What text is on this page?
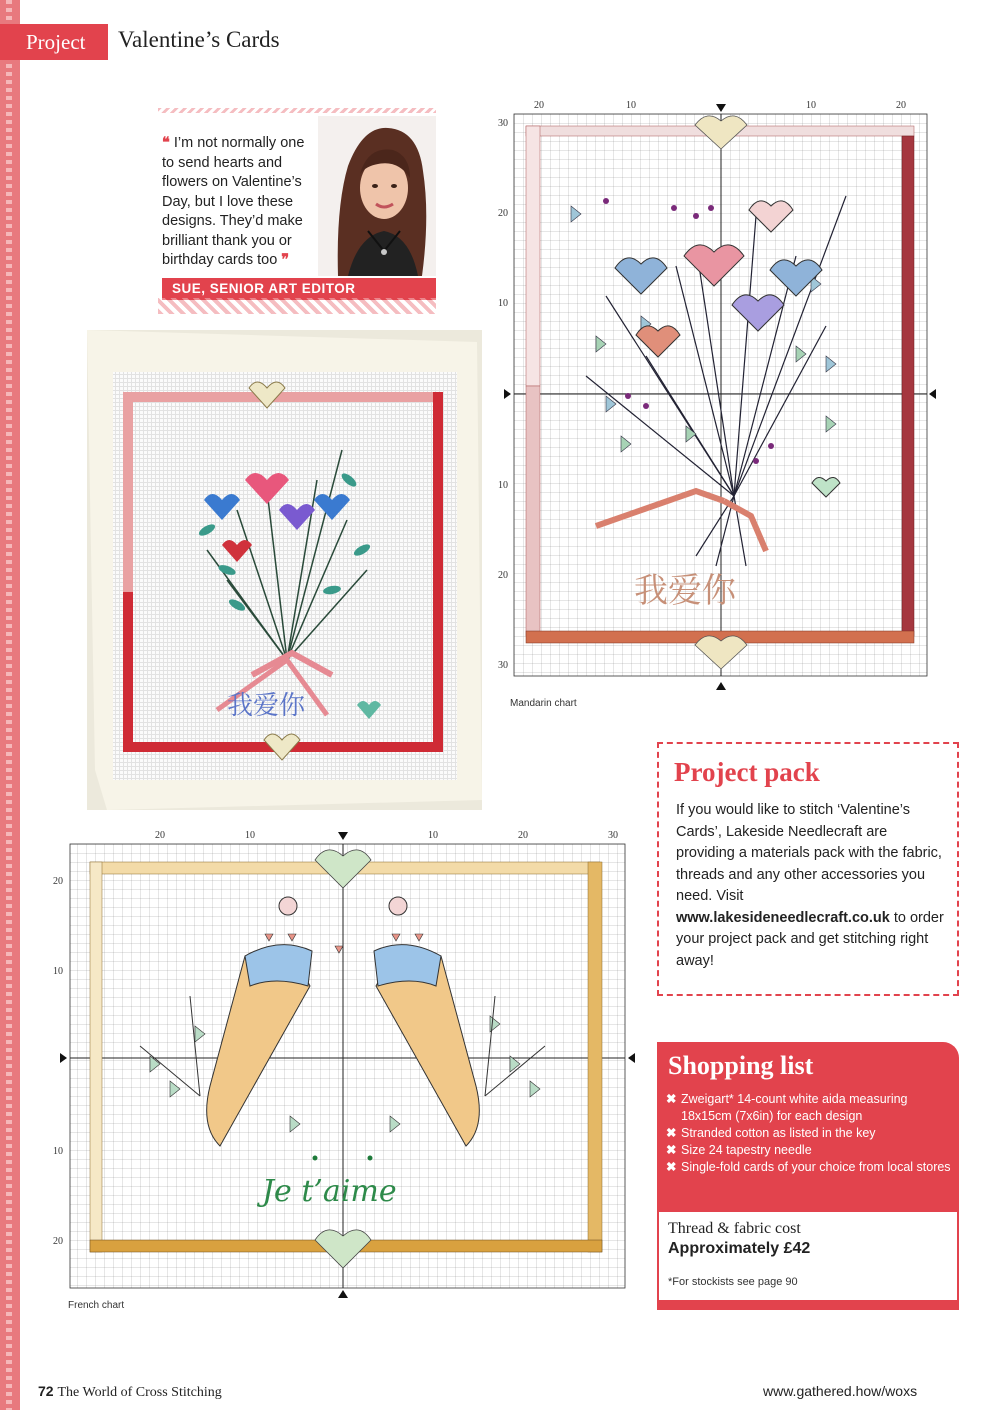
Project	Valentine’s Cards
❝ I’m not normally one to send hearts and flowers on Valentine’s Day, but I love these designs. They’d make brilliant thank you or birthday cards too ❞
SUE, SENIOR ART EDITOR
我爱你
我爱你
20	10	10	20
30
20
10
10
20
30
Mandarin chart
Je t’aime
20	10	10	20	30
20
10
10
20
French chart
Project pack
If you would like to stitch ‘Valentine’s Cards’, Lakeside Needlecraft are providing a materials pack with the fabric, threads and any other accessories you need. Visit www.lakesideneedlecraft.co.uk to order your project pack and get stitching right away!
Shopping list
✖ Zweigart* 14-count white aida measuring 18x15cm (7x6in) for each design
✖ Stranded cotton as listed in the key
✖ Size 24 tapestry needle
✖ Single-fold cards of your choice from local stores
Thread & fabric cost
Approximately £42
*For stockists see page 90
72 The World of Cross Stitching	www.gathered.how/woxs
